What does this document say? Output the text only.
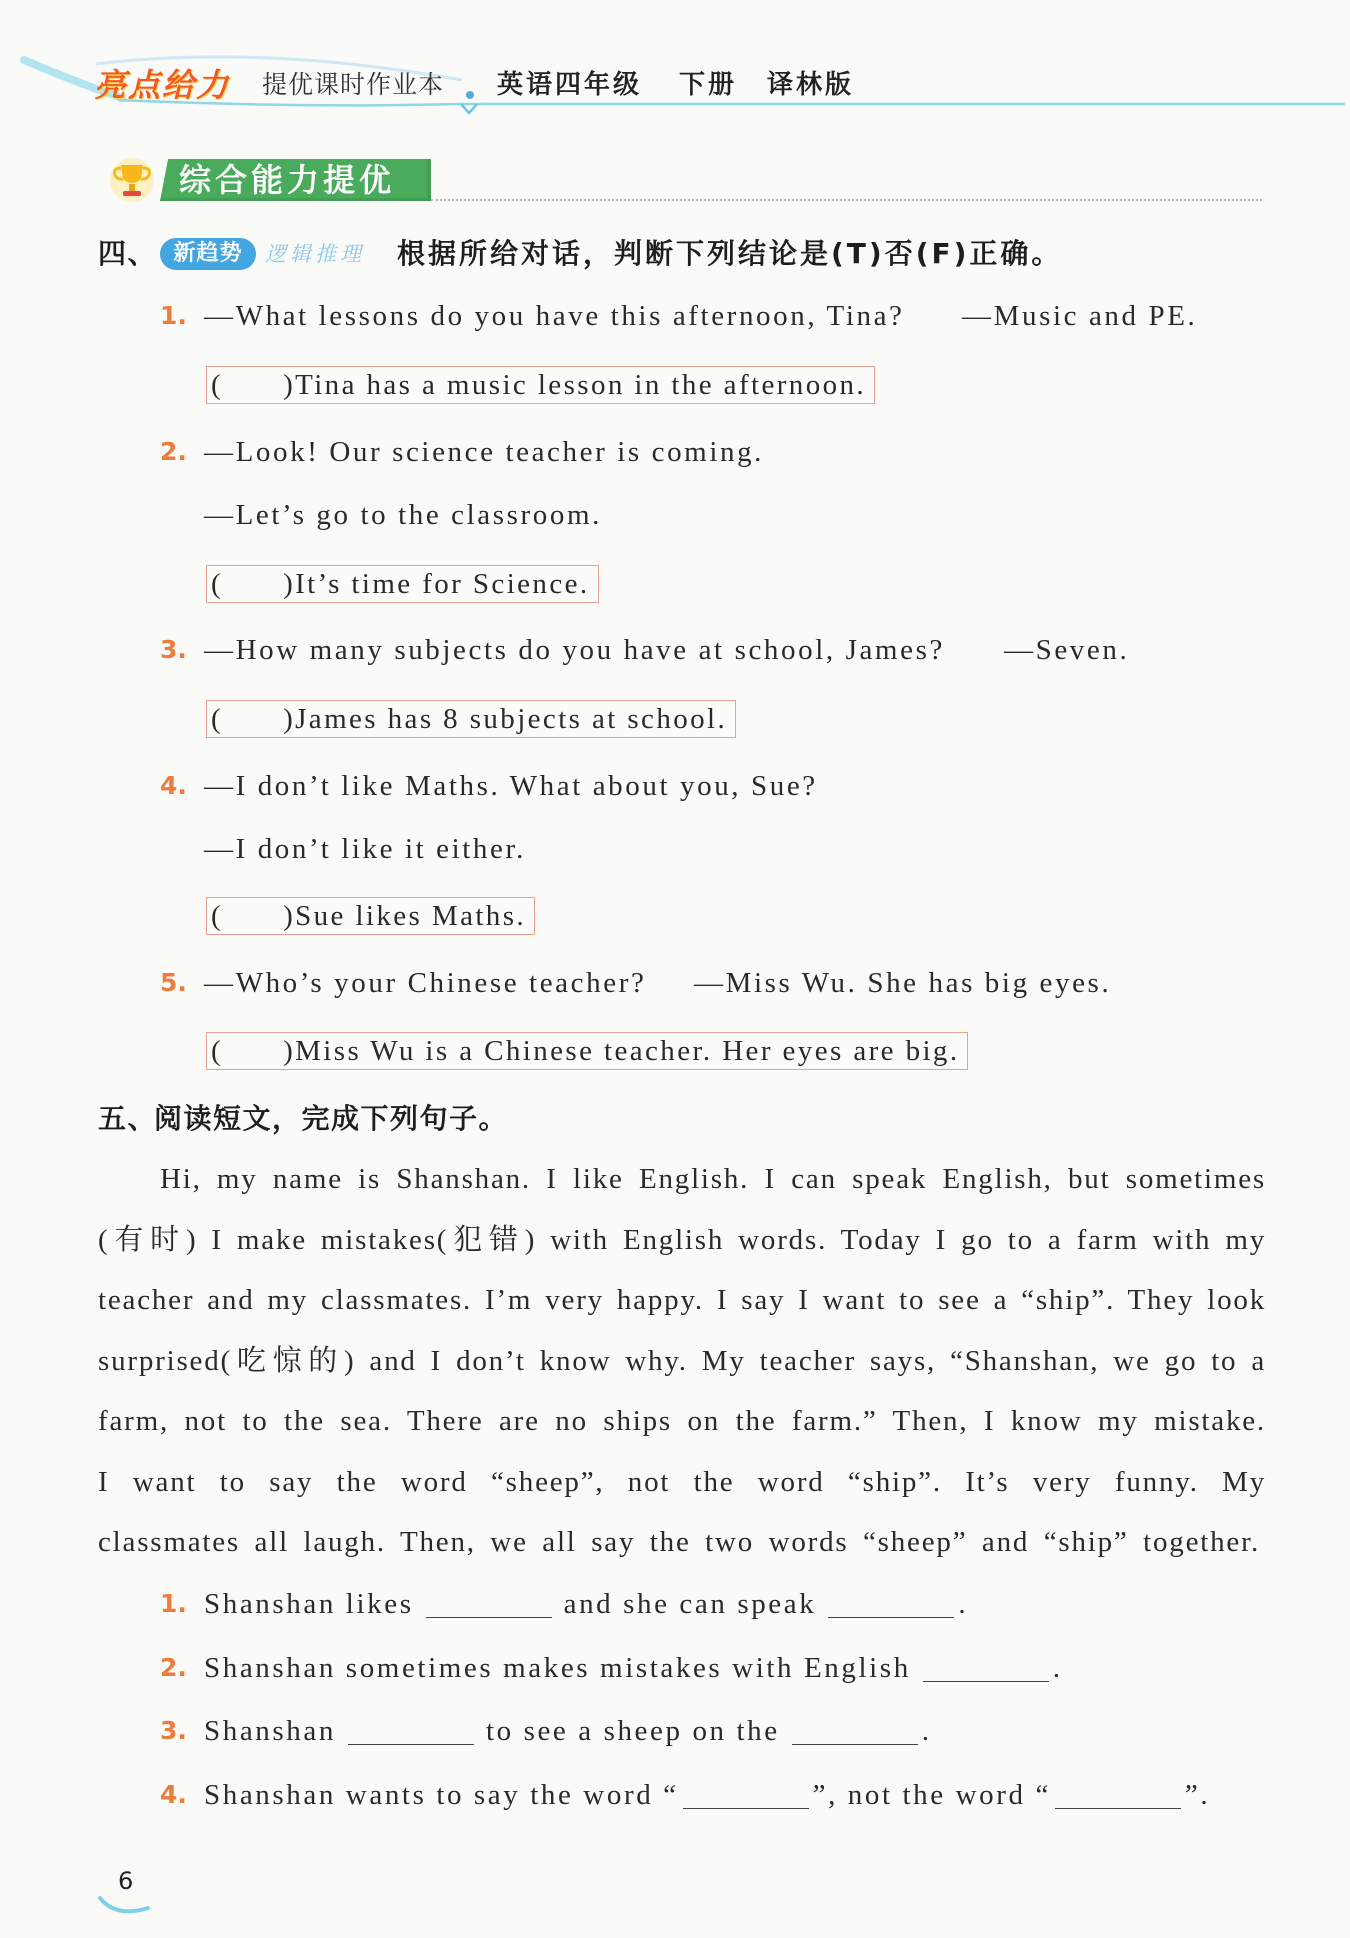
亮点给力 提优课时作业本 英语四年级 下册 译林版
综合能力提优
四、 新趋势	逻辑推理 根据所给对话，判断下列结论是(T)否(F)正确。
1. —What lessons do you have this afternoon, Tina? —Music and PE.
( )Tina has a music lesson in the afternoon.
2. —Look! Our science teacher is coming.
—Let’s go to the classroom.
( )It’s time for Science.
3. —How many subjects do you have at school, James? —Seven.
( )James has 8 subjects at school.
4. —I don’t like Maths. What about you, Sue?
—I don’t like it either.
( )Sue likes Maths.
5. —Who’s your Chinese teacher? —Miss Wu. She has big eyes.
( )Miss Wu is a Chinese teacher. Her eyes are big.
五、
阅读短文，完成下列句子。
Hi, my name is Shanshan. I like English. I can speak English, but sometimes
(有时) I make mistakes(犯错) with English words. Today I go to a farm with my
teacher and my classmates. I’m very happy. I say I want to see a “ship”. They look
surprised(吃惊的) and I don’t know why. My teacher says, “Shanshan, we go to a
farm, not to the sea. There are no ships on the farm.” Then, I know my mistake.
I want to say the word “sheep”, not the word “ship”. It’s very funny. My
classmates all laugh. Then, we all say the two words “sheep” and “ship” together.
1. Shanshan likes	and she can speak	.
2. Shanshan sometimes makes mistakes with English	.
3. Shanshan	to see a sheep on the	.
4. Shanshan wants to say the word “	”, not the word “	”.
6
